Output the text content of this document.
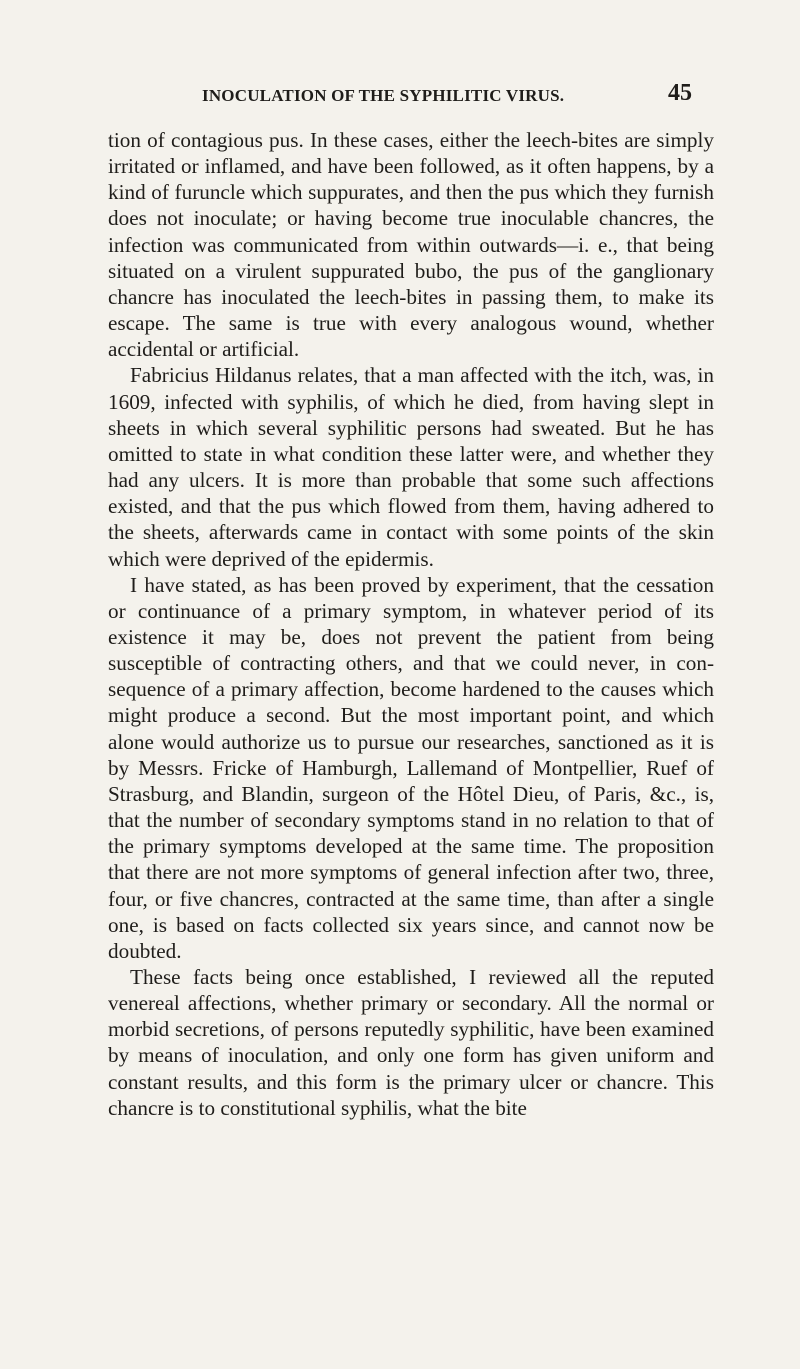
INOCULATION OF THE SYPHILITIC VIRUS.	45

tion of contagious pus. In these cases, either the leech-bites are simply irritated or inflamed, and have been followed, as it often happens, by a kind of furuncle which suppurates, and then the pus which they furnish does not inoculate; or having become true inoculable chancres, the infection was communicated from within outwards—i. e., that being situated on a virulent suppurated bubo, the pus of the ganglionary chancre has inoculated the leech-bites in passing them, to make its escape. The same is true with every analogous wound, whether accidental or artificial.

Fabricius Hildanus relates, that a man affected with the itch, was, in 1609, infected with syphilis, of which he died, from having slept in sheets in which several syphilitic persons had sweated. But he has omitted to state in what condition these latter were, and whether they had any ulcers. It is more than probable that some such affections existed, and that the pus which flowed from them, having adhered to the sheets, afterwards came in contact with some points of the skin which were deprived of the epidermis.

I have stated, as has been proved by experiment, that the cessation or continuance of a primary symptom, in whatever period of its existence it may be, does not prevent the patient from being susceptible of contracting others, and that we could never, in consequence of a primary affection, become hardened to the causes which might produce a second. But the most important point, and which alone would authorize us to pursue our researches, sanctioned as it is by Messrs. Fricke of Hamburgh, Lallemand of Montpellier, Ruef of Strasburg, and Blandin, surgeon of the Hôtel Dieu, of Paris, &c., is, that the number of secondary symptoms stand in no relation to that of the primary symptoms developed at the same time. The proposition that there are not more symptoms of general infection after two, three, four, or five chancres, contracted at the same time, than after a single one, is based on facts collected six years since, and cannot now be doubted.

These facts being once established, I reviewed all the reputed venereal affections, whether primary or secondary. All the normal or morbid secretions, of persons reputedly syphilitic, have been examined by means of inoculation, and only one form has given uniform and constant results, and this form is the primary ulcer or chancre. This chancre is to constitutional syphilis, what the bite
